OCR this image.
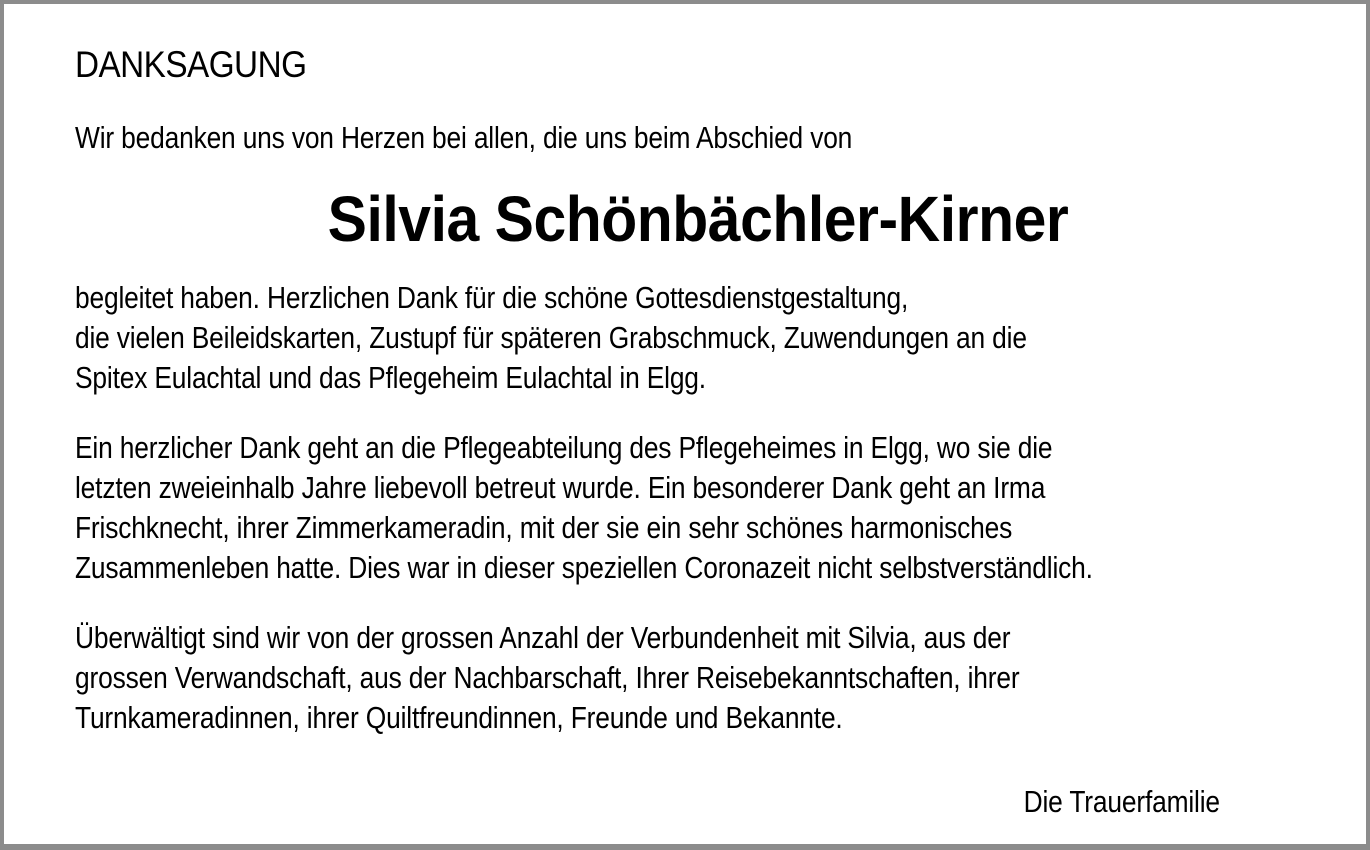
DANKSAGUNG

Wir bedanken uns von Herzen bei allen, die uns beim Abschied von

Silvia Schönbächler-Kirner

begleitet haben. Herzlichen Dank für die schöne Gottesdienstgestaltung,

die vielen Beileidskarten, Zustupf für späteren Grabschmuck, Zuwendungen an die

Spitex Eulachtal und das Pflegeheim Eulachtal in Elgg.

Ein herzlicher Dank geht an die Pflegeabteilung des Pflegeheimes in Elgg, wo sie die

letzten zweieinhalb Jahre liebevoll betreut wurde. Ein besonderer Dank geht an Irma

Frischknecht, ihrer Zimmerkameradin, mit der sie ein sehr schönes harmonisches

Zusammenleben hatte. Dies war in dieser speziellen Coronazeit nicht selbstverständlich.

Überwältigt sind wir von der grossen Anzahl der Verbundenheit mit Silvia, aus der

grossen Verwandschaft, aus der Nachbarschaft, Ihrer Reisebekanntschaften, ihrer

Turnkameradinnen, ihrer Quiltfreundinnen, Freunde und Bekannte.

Die Trauerfamilie
